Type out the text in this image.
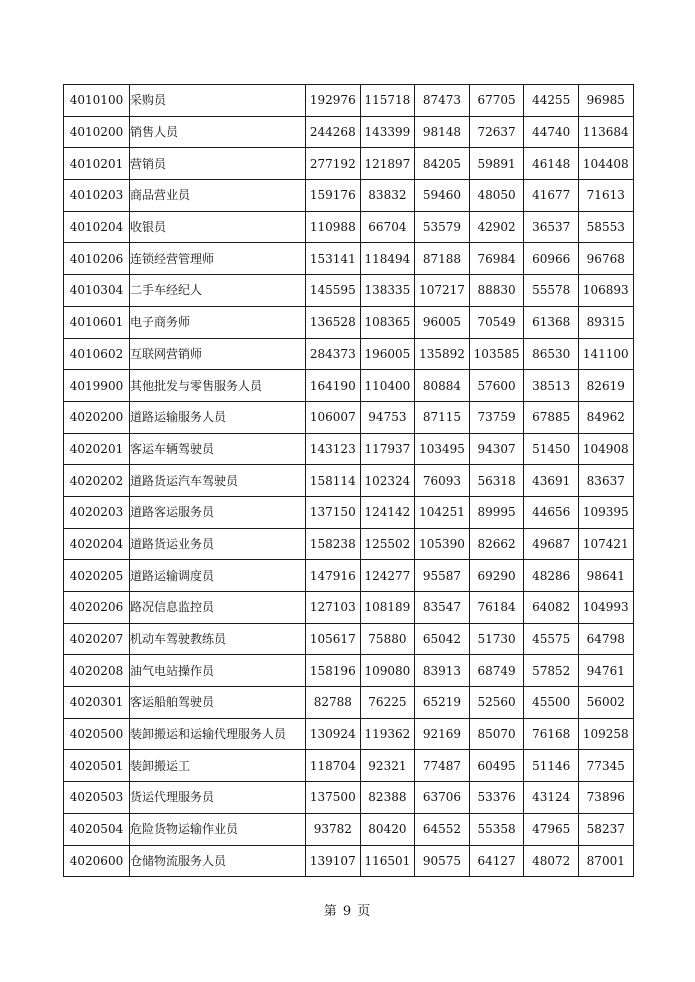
4010100	采购员	192976	115718	87473	67705	44255	96985
4010200	销售人员	244268	143399	98148	72637	44740	113684
4010201	营销员	277192	121897	84205	59891	46148	104408
4010203	商品营业员	159176	83832	59460	48050	41677	71613
4010204	收银员	110988	66704	53579	42902	36537	58553
4010206	连锁经营管理师	153141	118494	87188	76984	60966	96768
4010304	二手车经纪人	145595	138335	107217	88830	55578	106893
4010601	电子商务师	136528	108365	96005	70549	61368	89315
4010602	互联网营销师	284373	196005	135892	103585	86530	141100
4019900	其他批发与零售服务人员	164190	110400	80884	57600	38513	82619
4020200	道路运输服务人员	106007	94753	87115	73759	67885	84962
4020201	客运车辆驾驶员	143123	117937	103495	94307	51450	104908
4020202	道路货运汽车驾驶员	158114	102324	76093	56318	43691	83637
4020203	道路客运服务员	137150	124142	104251	89995	44656	109395
4020204	道路货运业务员	158238	125502	105390	82662	49687	107421
4020205	道路运输调度员	147916	124277	95587	69290	48286	98641
4020206	路况信息监控员	127103	108189	83547	76184	64082	104993
4020207	机动车驾驶教练员	105617	75880	65042	51730	45575	64798
4020208	油气电站操作员	158196	109080	83913	68749	57852	94761
4020301	客运船舶驾驶员	82788	76225	65219	52560	45500	56002
4020500	装卸搬运和运输代理服务人员	130924	119362	92169	85070	76168	109258
4020501	装卸搬运工	118704	92321	77487	60495	51146	77345
4020503	货运代理服务员	137500	82388	63706	53376	43124	73896
4020504	危险货物运输作业员	93782	80420	64552	55358	47965	58237
4020600	仓储物流服务人员	139107	116501	90575	64127	48072	87001
第 9 页
